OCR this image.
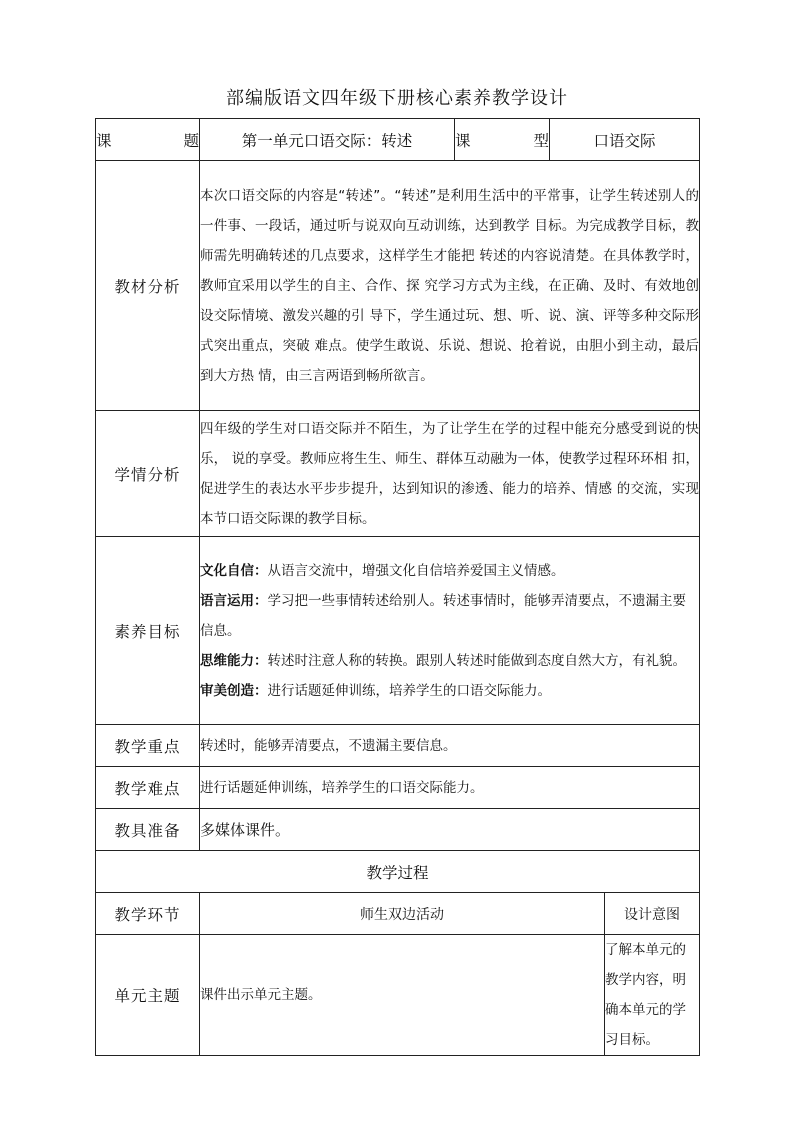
部编版语文四年级下册核心素养教学设计
课 题	第一单元口语交际：转述	课 型	口语交际	
教材分析	本次口语交际的内容是“转述”。“转述”是利用生活中的平常事，让学生转述别人的一件事、一段话，通过听与说双向互动训练，达到教学 目标。为完成教学目标，教师需先明确转述的几点要求，这样学生才能把 转述的内容说清楚。在具体教学时，教师宜采用以学生的自主、合作、探 究学习方式为主线，在正确、及时、有效地创设交际情境、激发兴趣的引 导下，学生通过玩、想、听、说、演、评等多种交际形式突出重点，突破 难点。使学生敢说、乐说、想说、抢着说，由胆小到主动，最后到大方热 情，由三言两语到畅所欲言。			
学情分析	四年级的学生对口语交际并不陌生，为了让学生在学的过程中能充分感受到说的快乐， 说的享受。教师应将生生、师生、群体互动融为一体，使教学过程环环相 扣，促进学生的表达水平步步提升，达到知识的渗透、能力的培养、情感 的交流，实现本节口语交际课的教学目标。			
素养目标	文化自信：从语言交流中，增强文化自信培养爱国主义情感。

语言运用：学习把一些事情转述给别人。转述事情时，能够弄清要点，不遗漏主要信息。

思维能力：转述时注意人称的转换。跟别人转述时能做到态度自然大方，有礼貌。

审美创造：进行话题延伸训练，培养学生的口语交际能力。			

教学重点	转述时，能够弄清要点，不遗漏主要信息。			
教学难点	进行话题延伸训练，培养学生的口语交际能力。			
教具准备	多媒体课件。			
教学过程				
教学环节	师生双边活动			设计意图
单元主题	课件出示单元主题。			了解本单元的教学内容，明确本单元的学习目标。
